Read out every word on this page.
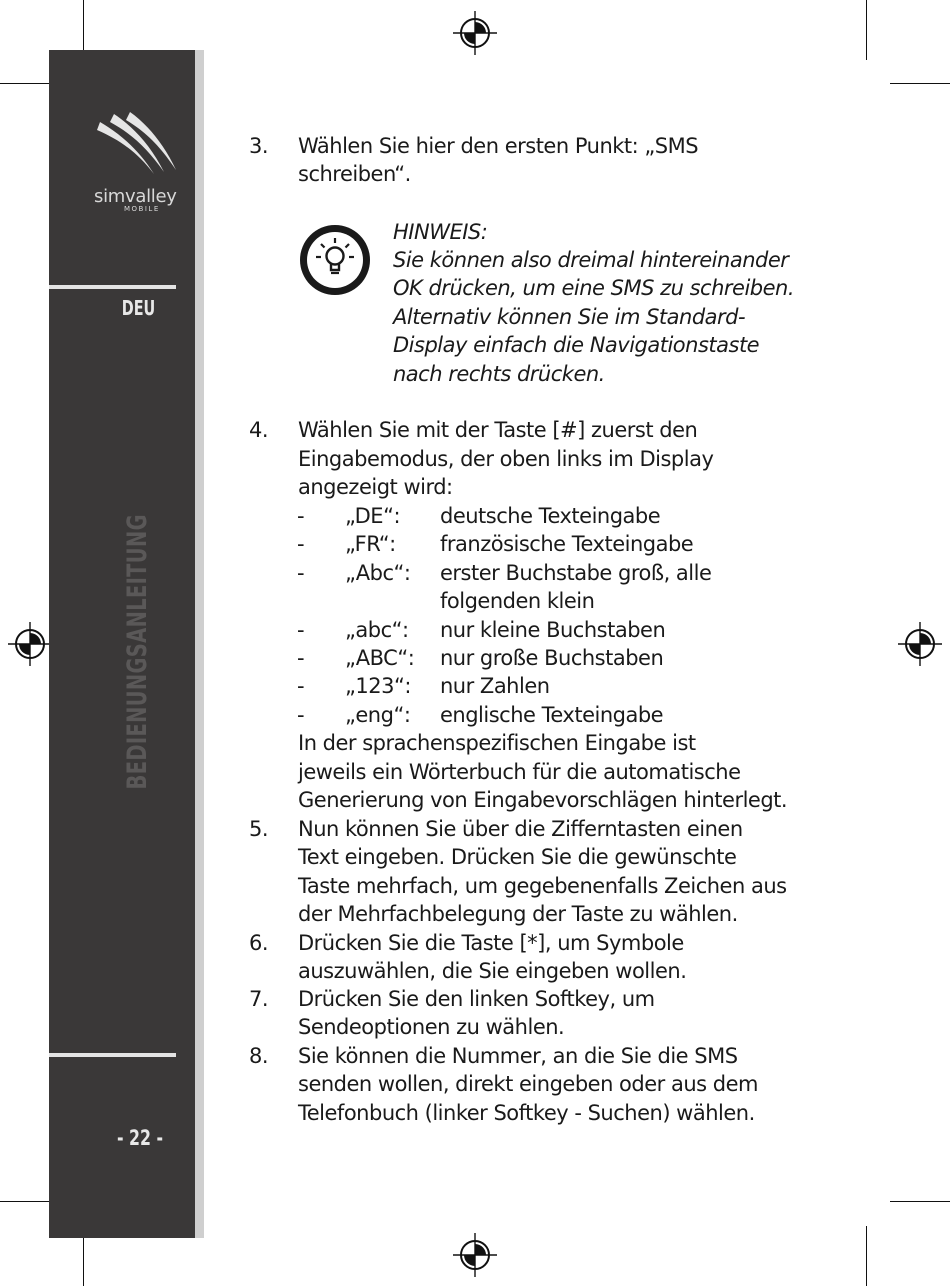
simvalley
MOBILE
DEU
BEDIENUNGSANLEITUNG
- 22 -
3. Wählen Sie hier den ersten Punkt: „SMS
schreiben“.
HINWEIS:
Sie können also dreimal hintereinander
OK drücken, um eine SMS zu schreiben.
Alternativ können Sie im Standard-
Display einfach die Navigationstaste
nach rechts drücken.
4. Wählen Sie mit der Taste [#] zuerst den
Eingabemodus, der oben links im Display
angezeigt wird:
- „DE“: deutsche Texteingabe
- „FR“: französische Texteingabe
- „Abc“: erster Buchstabe groß, alle
folgenden klein
- „abc“: nur kleine Buchstaben
- „ABC“: nur große Buchstaben
- „123“: nur Zahlen
- „eng“: englische Texteingabe
In der sprachenspezifischen Eingabe ist
jeweils ein Wörterbuch für die automatische
Generierung von Eingabevorschlägen hinterlegt.
5. Nun können Sie über die Zifferntasten einen
Text eingeben. Drücken Sie die gewünschte
Taste mehrfach, um gegebenenfalls Zeichen aus
der Mehrfachbelegung der Taste zu wählen.
6. Drücken Sie die Taste [*], um Symbole
auszuwählen, die Sie eingeben wollen.
7. Drücken Sie den linken Softkey, um
Sendeoptionen zu wählen.
8. Sie können die Nummer, an die Sie die SMS
senden wollen, direkt eingeben oder aus dem
Telefonbuch (linker Softkey - Suchen) wählen.
